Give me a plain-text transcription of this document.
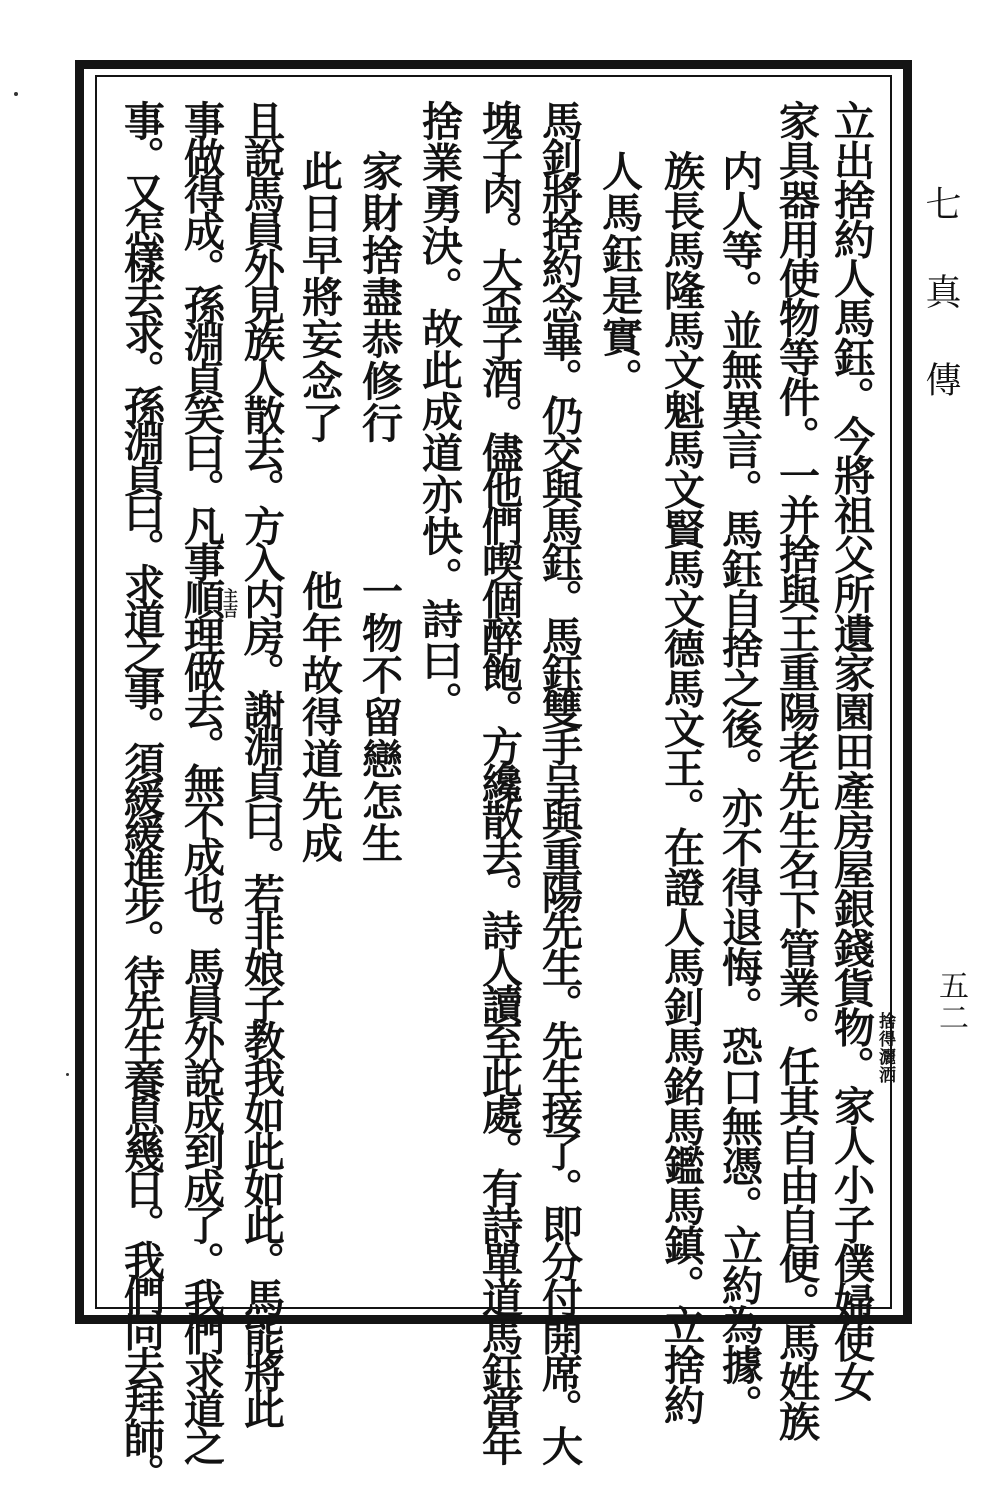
七真傳
五二
立出捨約人馬鈺。今將祖父所遺家園田產房屋銀錢貨物。家人小子僕婦使女
家具器用使物等件。一并捨與王重陽老先生名下管業。任其自由自便。馬姓族
内人等。並無異言。馬鈺自捨之後。亦不得退悔。恐口無憑。立約為據。
族長馬隆馬文魁馬文賢馬文德馬文王。在證人馬釗馬銘馬鑑馬鎮。立捨約
人馬鈺是實。
馬釗將捨約念畢。仍交與馬鈺。馬鈺雙手呈與重陽先生。先生接了。即分付開席。大
塊子肉。大盃子酒。儘他們喫個醉飽。方纔散去。詩人讀至此處。有詩單道馬鈺當年
捨業勇決。故此成道亦快。詩曰。
家財捨盡恭修行　　　一物不留戀怎生
此日早將妄念了　　　他年故得道先成
且說馬員外見族人散去。方入内房。謝淵貞曰。若非娘子教我如此如此。馬能將此
事做得成。孫淵貞笑曰。凡事順理做去。無不成也。馬員外說成到成了。我們求道之
事。又怎樣去求。孫淵貞曰。求道之事。須緩緩進步。待先生養息幾日。我們同去拜師。	捨得灑洒
主吉
